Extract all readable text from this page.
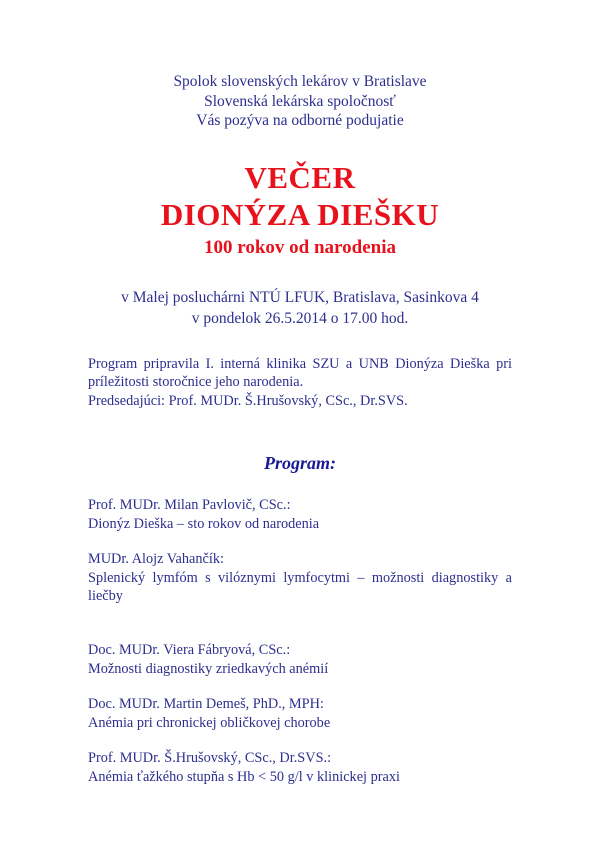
Spolok slovenských lekárov v Bratislave
Slovenská lekárska spoločnosť
Vás pozýva na odborné podujatie
VEČER
DIONÝZA DIEŠKU
100 rokov od narodenia
v Malej posluchárni NTÚ LFUK, Bratislava, Sasinkova 4
v pondelok 26.5.2014 o 17.00 hod.

Program pripravila I. interná klinika SZU a UNB Dionýza Dieška pri príležitosti storočnice jeho narodenia.

Predsedajúci: Prof. MUDr. Š.Hrušovský, CSc., Dr.SVS.

Program:
Prof. MUDr. Milan Pavlovič, CSc.:
Dionýz Dieška – sto rokov od narodenia
MUDr. Alojz Vahančík:
Splenický lymfóm s vilóznymi lymfocytmi – možnosti diagnostiky a liečby
Doc. MUDr. Viera Fábryová, CSc.:
Možnosti diagnostiky zriedkavých anémií
Doc. MUDr. Martin Demeš, PhD., MPH:
Anémia pri chronickej obličkovej chorobe
Prof. MUDr. Š.Hrušovský, CSc., Dr.SVS.:
Anémia ťažkého stupňa s Hb < 50 g/l v klinickej praxi
